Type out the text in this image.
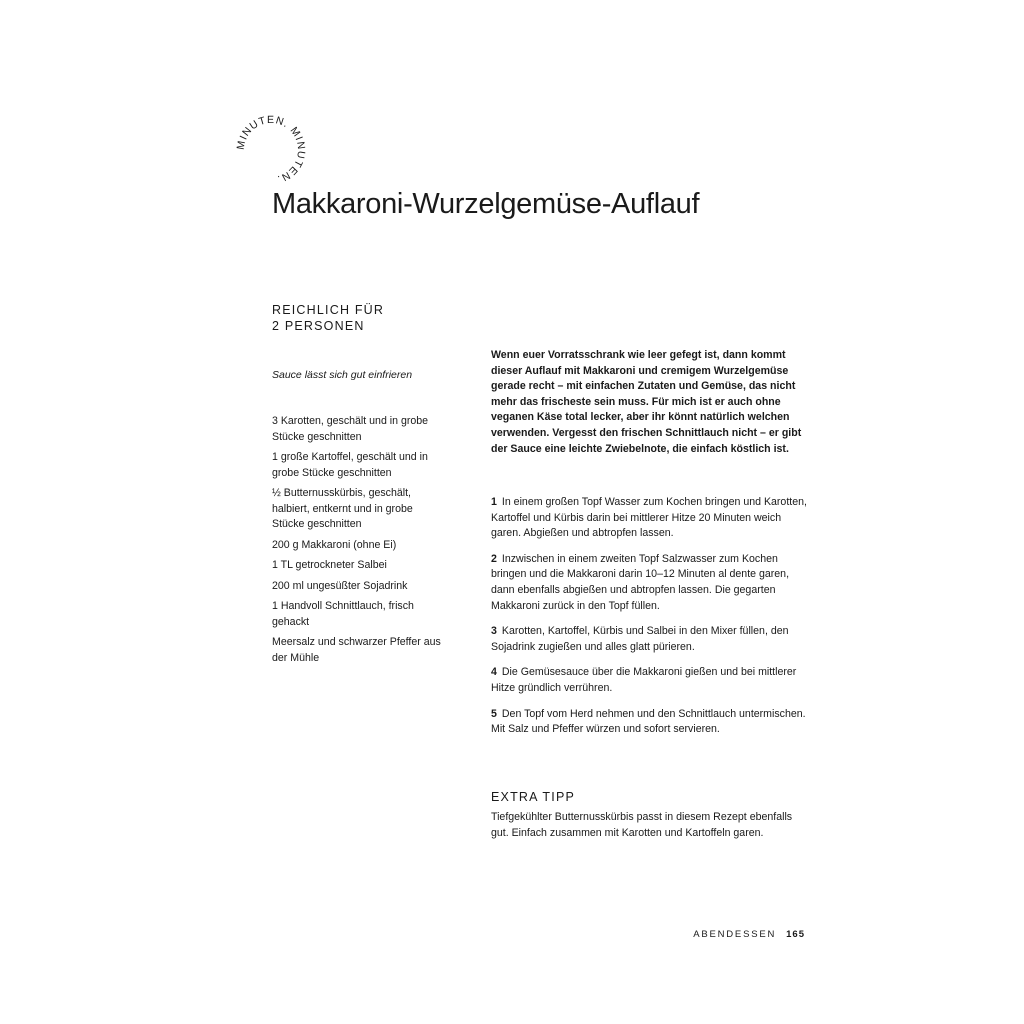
MINUTEN. MINUTEN.
Makkaroni-Wurzelgemüse-Auflauf
REICHLICH FÜR
2 PERSONEN
Sauce lässt sich gut einfrieren
3 Karotten, geschält und in grobe Stücke geschnitten
1 große Kartoffel, geschält und in grobe Stücke geschnitten
½ Butternusskürbis, geschält, halbiert, entkernt und in grobe Stücke geschnitten
200 g Makkaroni (ohne Ei)
1 TL getrockneter Salbei
200 ml ungesüßter Sojadrink
1 Handvoll Schnittlauch, frisch gehackt
Meersalz und schwarzer Pfeffer aus der Mühle

Wenn euer Vorratsschrank wie leer gefegt ist, dann kommt dieser Auflauf mit Makkaroni und cremigem Wurzelgemüse gerade recht – mit einfachen Zutaten und Gemüse, das nicht mehr das frischeste sein muss. Für mich ist er auch ohne veganen Käse total lecker, aber ihr könnt natürlich welchen verwenden. Vergesst den frischen Schnittlauch nicht – er gibt der Sauce eine leichte Zwiebelnote, die einfach köstlich ist.

1 In einem großen Topf Wasser zum Kochen bringen und Karotten, Kartoffel und Kürbis darin bei mittlerer Hitze 20 Minuten weich garen. Abgießen und abtropfen lassen.
2 Inzwischen in einem zweiten Topf Salzwasser zum Kochen bringen und die Makkaroni darin 10–12 Minuten al dente garen, dann ebenfalls abgießen und abtropfen lassen. Die gegarten Makkaroni zurück in den Topf füllen.
3 Karotten, Kartoffel, Kürbis und Salbei in den Mixer füllen, den Sojadrink zugießen und alles glatt pürieren.
4 Die Gemüsesauce über die Makkaroni gießen und bei mittlerer Hitze gründlich verrühren.
5 Den Topf vom Herd nehmen und den Schnittlauch untermischen. Mit Salz und Pfeffer würzen und sofort servieren.
EXTRA TIPP

Tiefgekühlter Butternusskürbis passt in diesem Rezept ebenfalls gut. Einfach zusammen mit Karotten und Kartoffeln garen.

ABENDESSEN 165
